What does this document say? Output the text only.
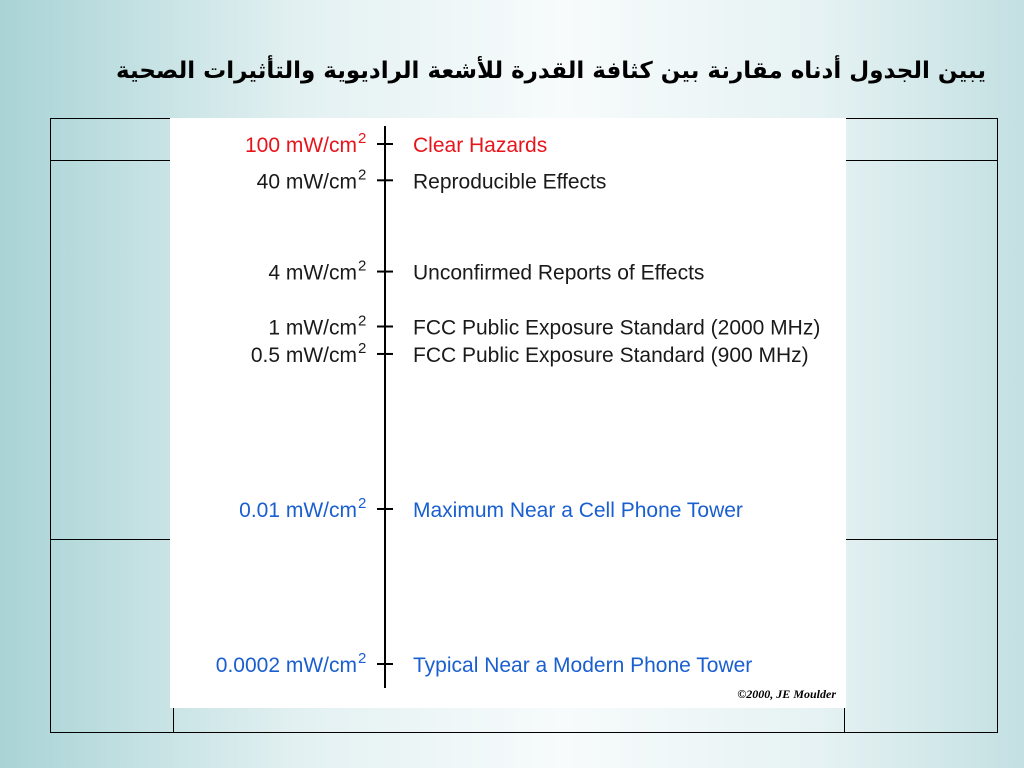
يبين الجدول أدناه مقارنة بين كثافة القدرة للأشعة الراديوية والتأثيرات الصحية
100 mW/cm 2 Clear Hazards
40 mW/cm 2 Reproducible Effects
4 mW/cm 2 Unconfirmed Reports of Effects
1 mW/cm 2 FCC Public Exposure Standard (2000 MHz)
0.5 mW/cm 2 FCC Public Exposure Standard (900 MHz)
0.01 mW/cm 2 Maximum Near a Cell Phone Tower
0.0002 mW/cm 2 Typical Near a Modern Phone Tower
©2000, JE Moulder
